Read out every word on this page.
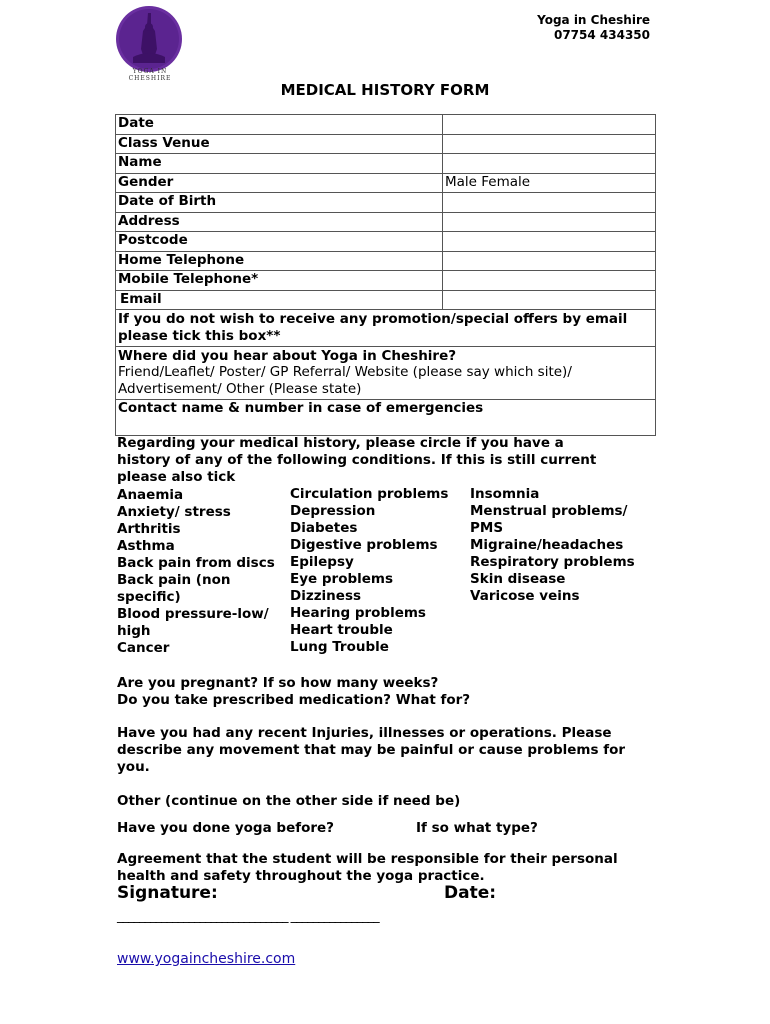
YOGA IN CHESHIRE
Yoga in Cheshire
07754 434350
MEDICAL HISTORY FORM
Date	
Class Venue	
Name	
Gender	Male Female
Date of Birth	
Address	
Postcode	
Home Telephone	
Mobile Telephone*	
Email	
If you do not wish to receive any promotion/special offers by email please tick this box**	

Where did you hear about Yoga in Cheshire?
Friend/Leaflet/ Poster/ GP Referral/ Website (please say which site)/ Advertisement/ Other (Please state)	

Contact name & number in case of emergencies	
Regarding your medical history, please circle if you have a history of any of the following conditions. If this is still current please also tick
Anaemia
Anxiety/ stress
Arthritis
Asthma
Back pain from discs
Back pain (non
specific)
Blood pressure-low/
high
Cancer
Circulation problems
Depression
Diabetes
Digestive problems
Epilepsy
Eye problems
Dizziness
Hearing problems
Heart trouble
Lung Trouble
Insomnia
Menstrual problems/
PMS
Migraine/headaches
Respiratory problems
Skin disease
Varicose veins
Are you pregnant? If so how many weeks?
Do you take prescribed medication? What for?
Have you had any recent Injuries, illnesses or operations. Please describe any movement that may be painful or cause problems for you.
Other (continue on the other side if need be)
Have you done yoga before?	If so what type?
Agreement that the student will be responsible for their personal health and safety throughout the yoga practice.
Signature:	Date:
_______________________________ ________________
www.yogaincheshire.com
